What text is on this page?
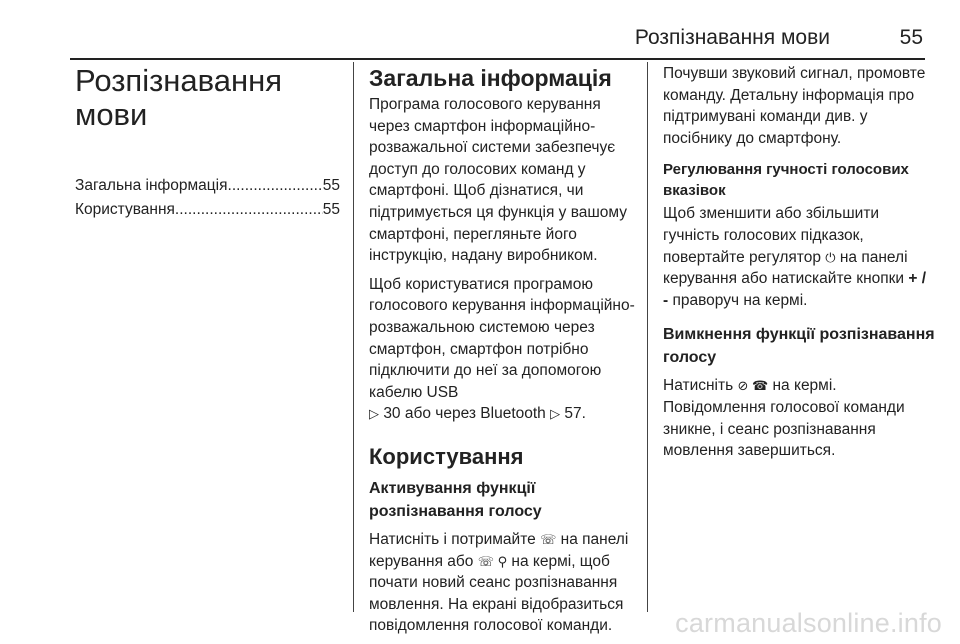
Розпізнавання мови	55
Розпізнавання
мови
Загальна інформація .....	55
Користування .....	55
Загальна інформація

Програма голосового керування через смартфон інформаційно-розважальної системи забезпечує доступ до голосових команд у смартфоні. Щоб дізнатися, чи підтримується ця функція у вашому смартфоні, перегляньте його інструкцію, надану виробником.

Щоб користуватися програмою голосового керування інформаційно-розважальною системою через смартфон, смартфон потрібно підключити до неї за допомогою кабелю USB
▷ 30 або через Bluetooth ▷ 57.

Користування
Активування функції розпізнавання голосу

Натисніть і потримайте ☏ на панелі керування або ☏ ⚲ на кермі, щоб почати новий сеанс розпізнавання мовлення. На екрані відобразиться повідомлення голосової команди.

Почувши звуковий сигнал, промовте команду. Детальну інформація про підтримувані команди див. у посібнику до смартфону.

Регулювання гучності голосових вказівок

Щоб зменшити або збільшити гучність голосових підказок, повертайте регулятор ⏻ на панелі керування або натискайте кнопки + / - праворуч на кермі.

Вимкнення функції розпізнавання голосу

Натисніть ⊘ ☎ на кермі.

Повідомлення голосової команди зникне, і сеанс розпізнавання мовлення завершиться.

carmanualsonline.info
